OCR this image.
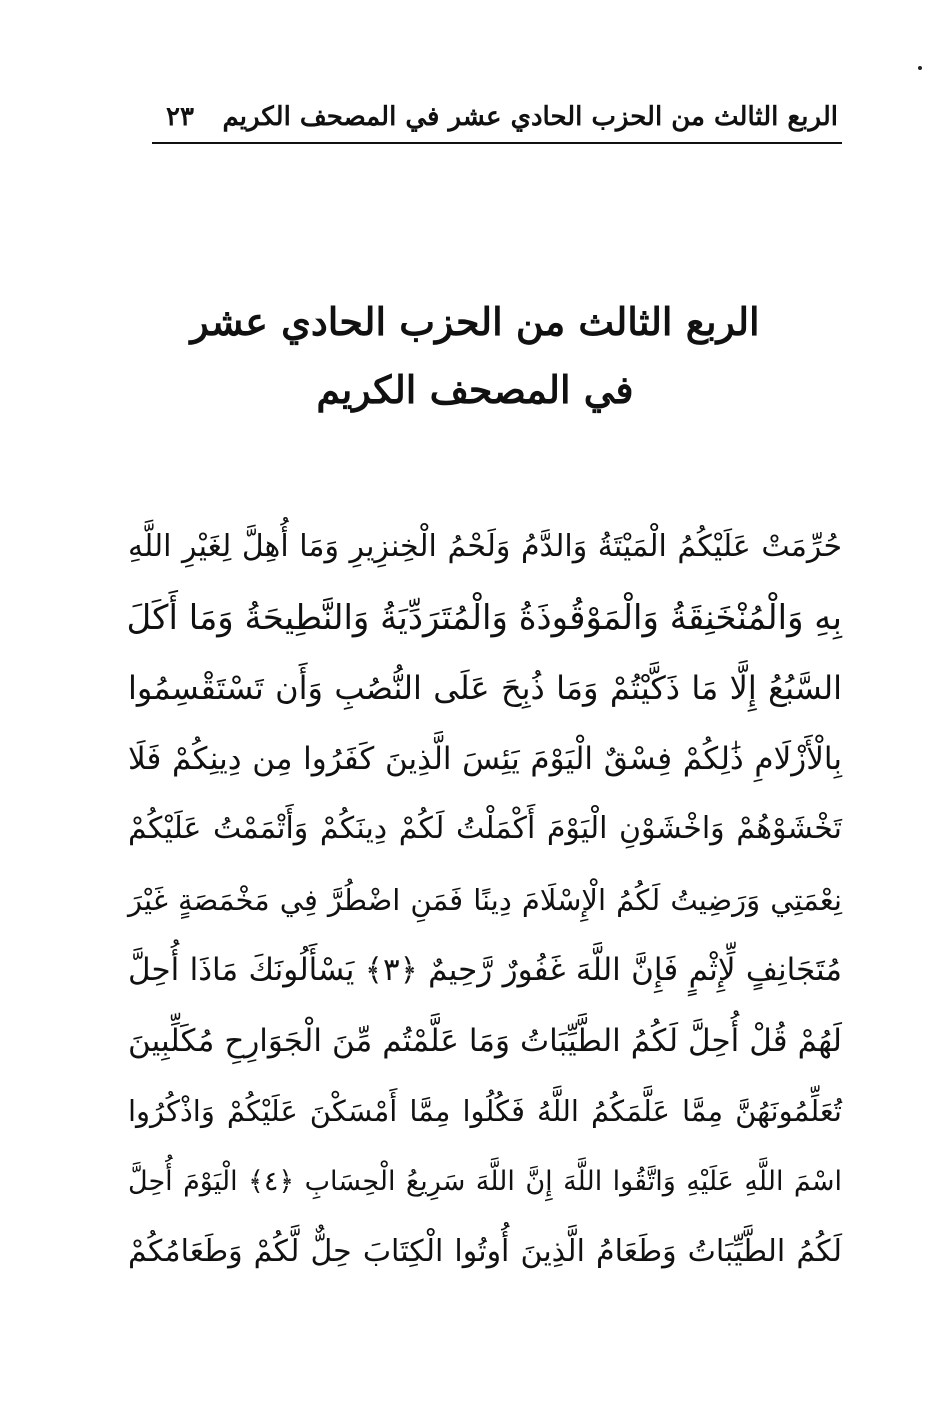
٢٣ الربع الثالث من الحزب الحادي عشر في المصحف الكريم
الربع الثالث من الحزب الحادي عشر
في المصحف الكريم
حُرِّمَتْ عَلَيْكُمُ الْمَيْتَةُ وَالدَّمُ وَلَحْمُ الْخِنزِيرِ وَمَا أُهِلَّ لِغَيْرِ اللَّهِ
بِهِ وَالْمُنْخَنِقَةُ وَالْمَوْقُوذَةُ وَالْمُتَرَدِّيَةُ وَالنَّطِيحَةُ وَمَا أَكَلَ
السَّبُعُ إِلَّا مَا ذَكَّيْتُمْ وَمَا ذُبِحَ عَلَى النُّصُبِ وَأَن تَسْتَقْسِمُوا
بِالْأَزْلَامِ ذَٰلِكُمْ فِسْقٌ الْيَوْمَ يَئِسَ الَّذِينَ كَفَرُوا مِن دِينِكُمْ فَلَا
تَخْشَوْهُمْ وَاخْشَوْنِ الْيَوْمَ أَكْمَلْتُ لَكُمْ دِينَكُمْ وَأَتْمَمْتُ عَلَيْكُمْ
نِعْمَتِي وَرَضِيتُ لَكُمُ الْإِسْلَامَ دِينًا فَمَنِ اضْطُرَّ فِي مَخْمَصَةٍ غَيْرَ
مُتَجَانِفٍ لِّإِثْمٍ فَإِنَّ اللَّهَ غَفُورٌ رَّحِيمٌ ﴿٣﴾ يَسْأَلُونَكَ مَاذَا أُحِلَّ
لَهُمْ قُلْ أُحِلَّ لَكُمُ الطَّيِّبَاتُ وَمَا عَلَّمْتُم مِّنَ الْجَوَارِحِ مُكَلِّبِينَ
تُعَلِّمُونَهُنَّ مِمَّا عَلَّمَكُمُ اللَّهُ فَكُلُوا مِمَّا أَمْسَكْنَ عَلَيْكُمْ وَاذْكُرُوا
اسْمَ اللَّهِ عَلَيْهِ وَاتَّقُوا اللَّهَ إِنَّ اللَّهَ سَرِيعُ الْحِسَابِ ﴿٤﴾ الْيَوْمَ أُحِلَّ
لَكُمُ الطَّيِّبَاتُ وَطَعَامُ الَّذِينَ أُوتُوا الْكِتَابَ حِلٌّ لَّكُمْ وَطَعَامُكُمْ
